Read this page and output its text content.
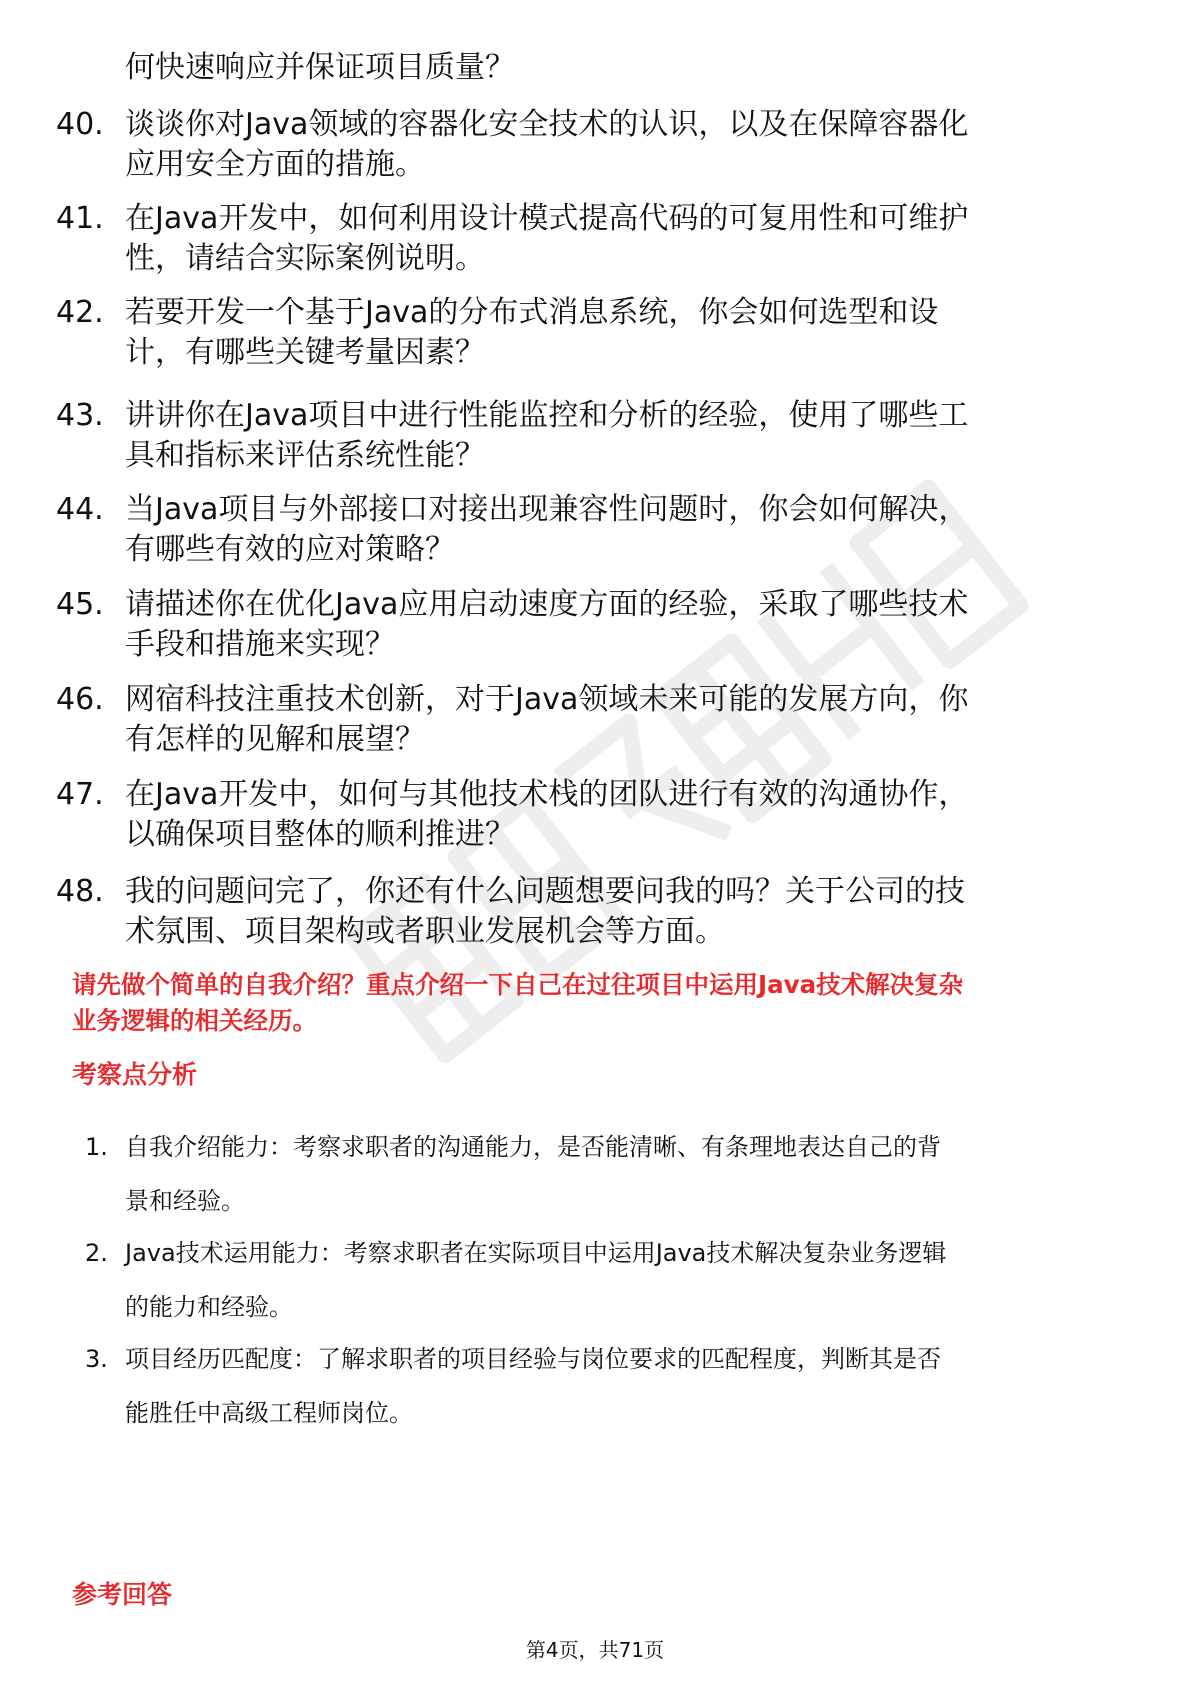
何快速响应并保证项目质量？
40. 谈谈你对Java领域的容器化安全技术的认识，以及在保障容器化
应用安全方面的措施。
41. 在Java开发中，如何利用设计模式提高代码的可复用性和可维护
性，请结合实际案例说明。
42. 若要开发一个基于Java的分布式消息系统，你会如何选型和设
计，有哪些关键考量因素？
43. 讲讲你在Java项目中进行性能监控和分析的经验，使用了哪些工
具和指标来评估系统性能？
44. 当Java项目与外部接口对接出现兼容性问题时，你会如何解决，
有哪些有效的应对策略？
45. 请描述你在优化Java应用启动速度方面的经验，采取了哪些技术
手段和措施来实现？
46. 网宿科技注重技术创新，对于Java领域未来可能的发展方向，你
有怎样的见解和展望？
47. 在Java开发中，如何与其他技术栈的团队进行有效的沟通协作，
以确保项目整体的顺利推进？
48. 我的问题问完了，你还有什么问题想要问我的吗？关于公司的技
术氛围、项目架构或者职业发展机会等方面。
请先做个简单的自我介绍？重点介绍一下自己在过往项目中运用Java技术解决复杂
业务逻辑的相关经历。
考察点分析
1. 自我介绍能力：考察求职者的沟通能力，是否能清晰、有条理地表达自己的背
景和经验。
2. Java技术运用能力：考察求职者在实际项目中运用Java技术解决复杂业务逻辑
的能力和经验。
3. 项目经历匹配度：了解求职者的项目经验与岗位要求的匹配程度，判断其是否
能胜任中高级工程师岗位。
参考回答
第4页，共71页
